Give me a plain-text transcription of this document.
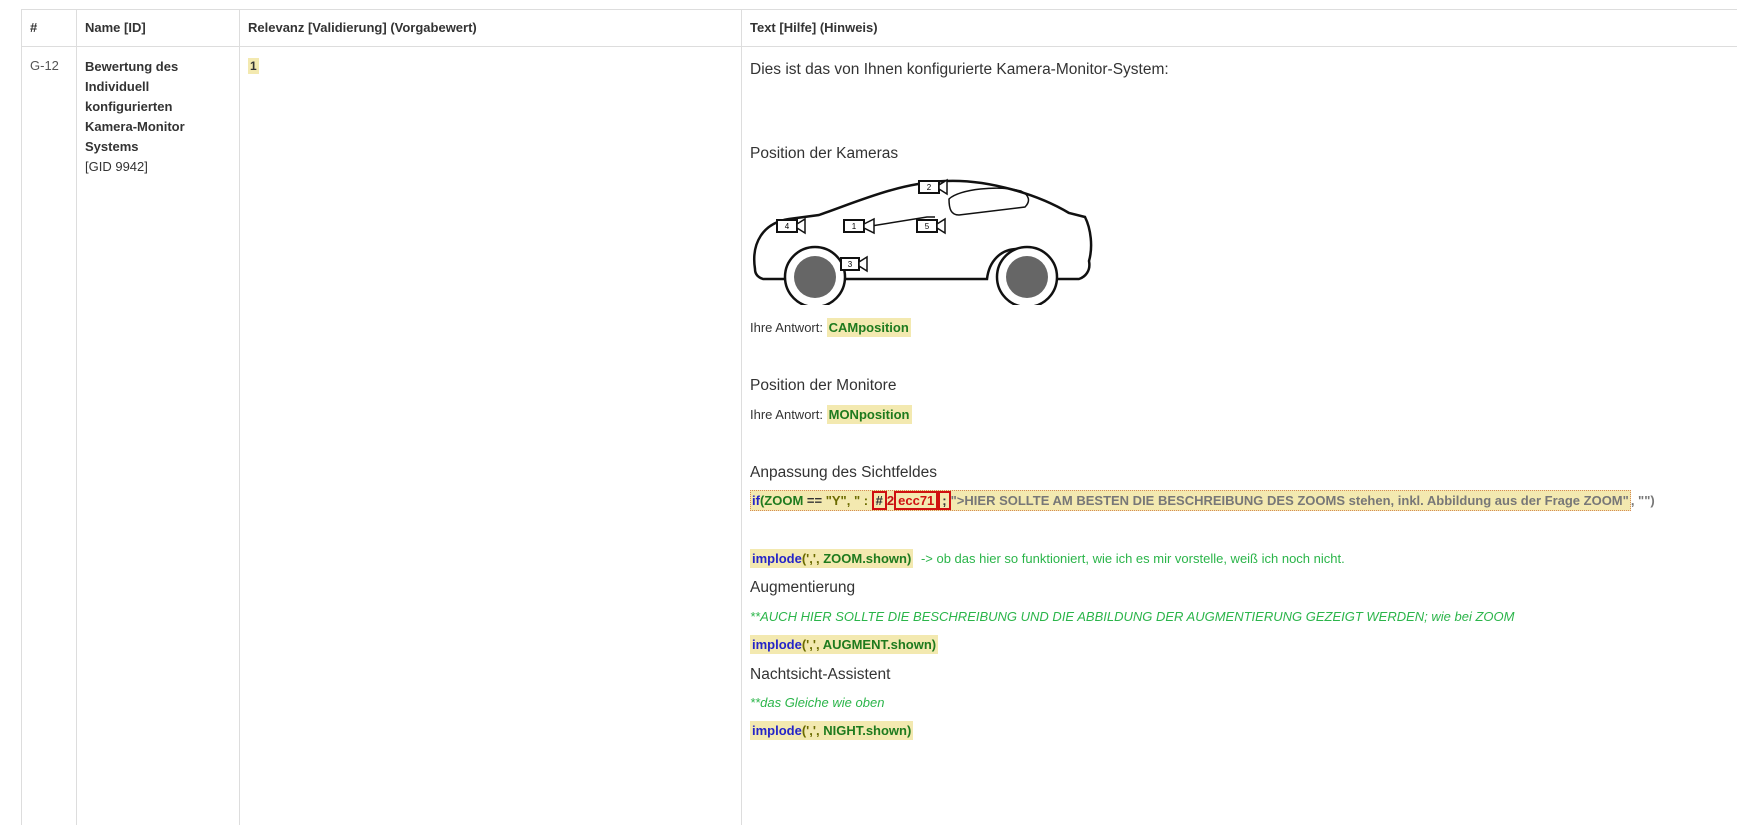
#	Name [ID]	Relevanz [Validierung] (Vorgabewert)	Text [Hilfe] (Hinweis)
G-12	Bewertung des Individuell konfigurierten Kamera-Monitor Systems
[GID 9942]
1	Dies ist das von Ihnen konfigurierte Kamera-Monitor-System:
Position der Kameras
1
2
3
4	5
Ihre Antwort: CAMposition
Position der Monitore
Ihre Antwort: MONposition
Anpassung des Sichtfeldes
if(ZOOM == "Y", " : # 2 ecc71 ; ">HIER SOLLTE AM BESTEN DIE BESCHREIBUNG DES ZOOMS stehen, inkl. Abbildung aus der Frage ZOOM" , "")
implode(',', ZOOM.shown) -> ob das hier so funktioniert, wie ich es mir vorstelle, weiß ich noch nicht.
Augmentierung
**AUCH HIER SOLLTE DIE BESCHREIBUNG UND DIE ABBILDUNG DER AUGMENTIERUNG GEZEIGT WERDEN; wie bei ZOOM
implode(',', AUGMENT.shown)
Nachtsicht-Assistent
**das Gleiche wie oben
implode(',', NIGHT.shown)
